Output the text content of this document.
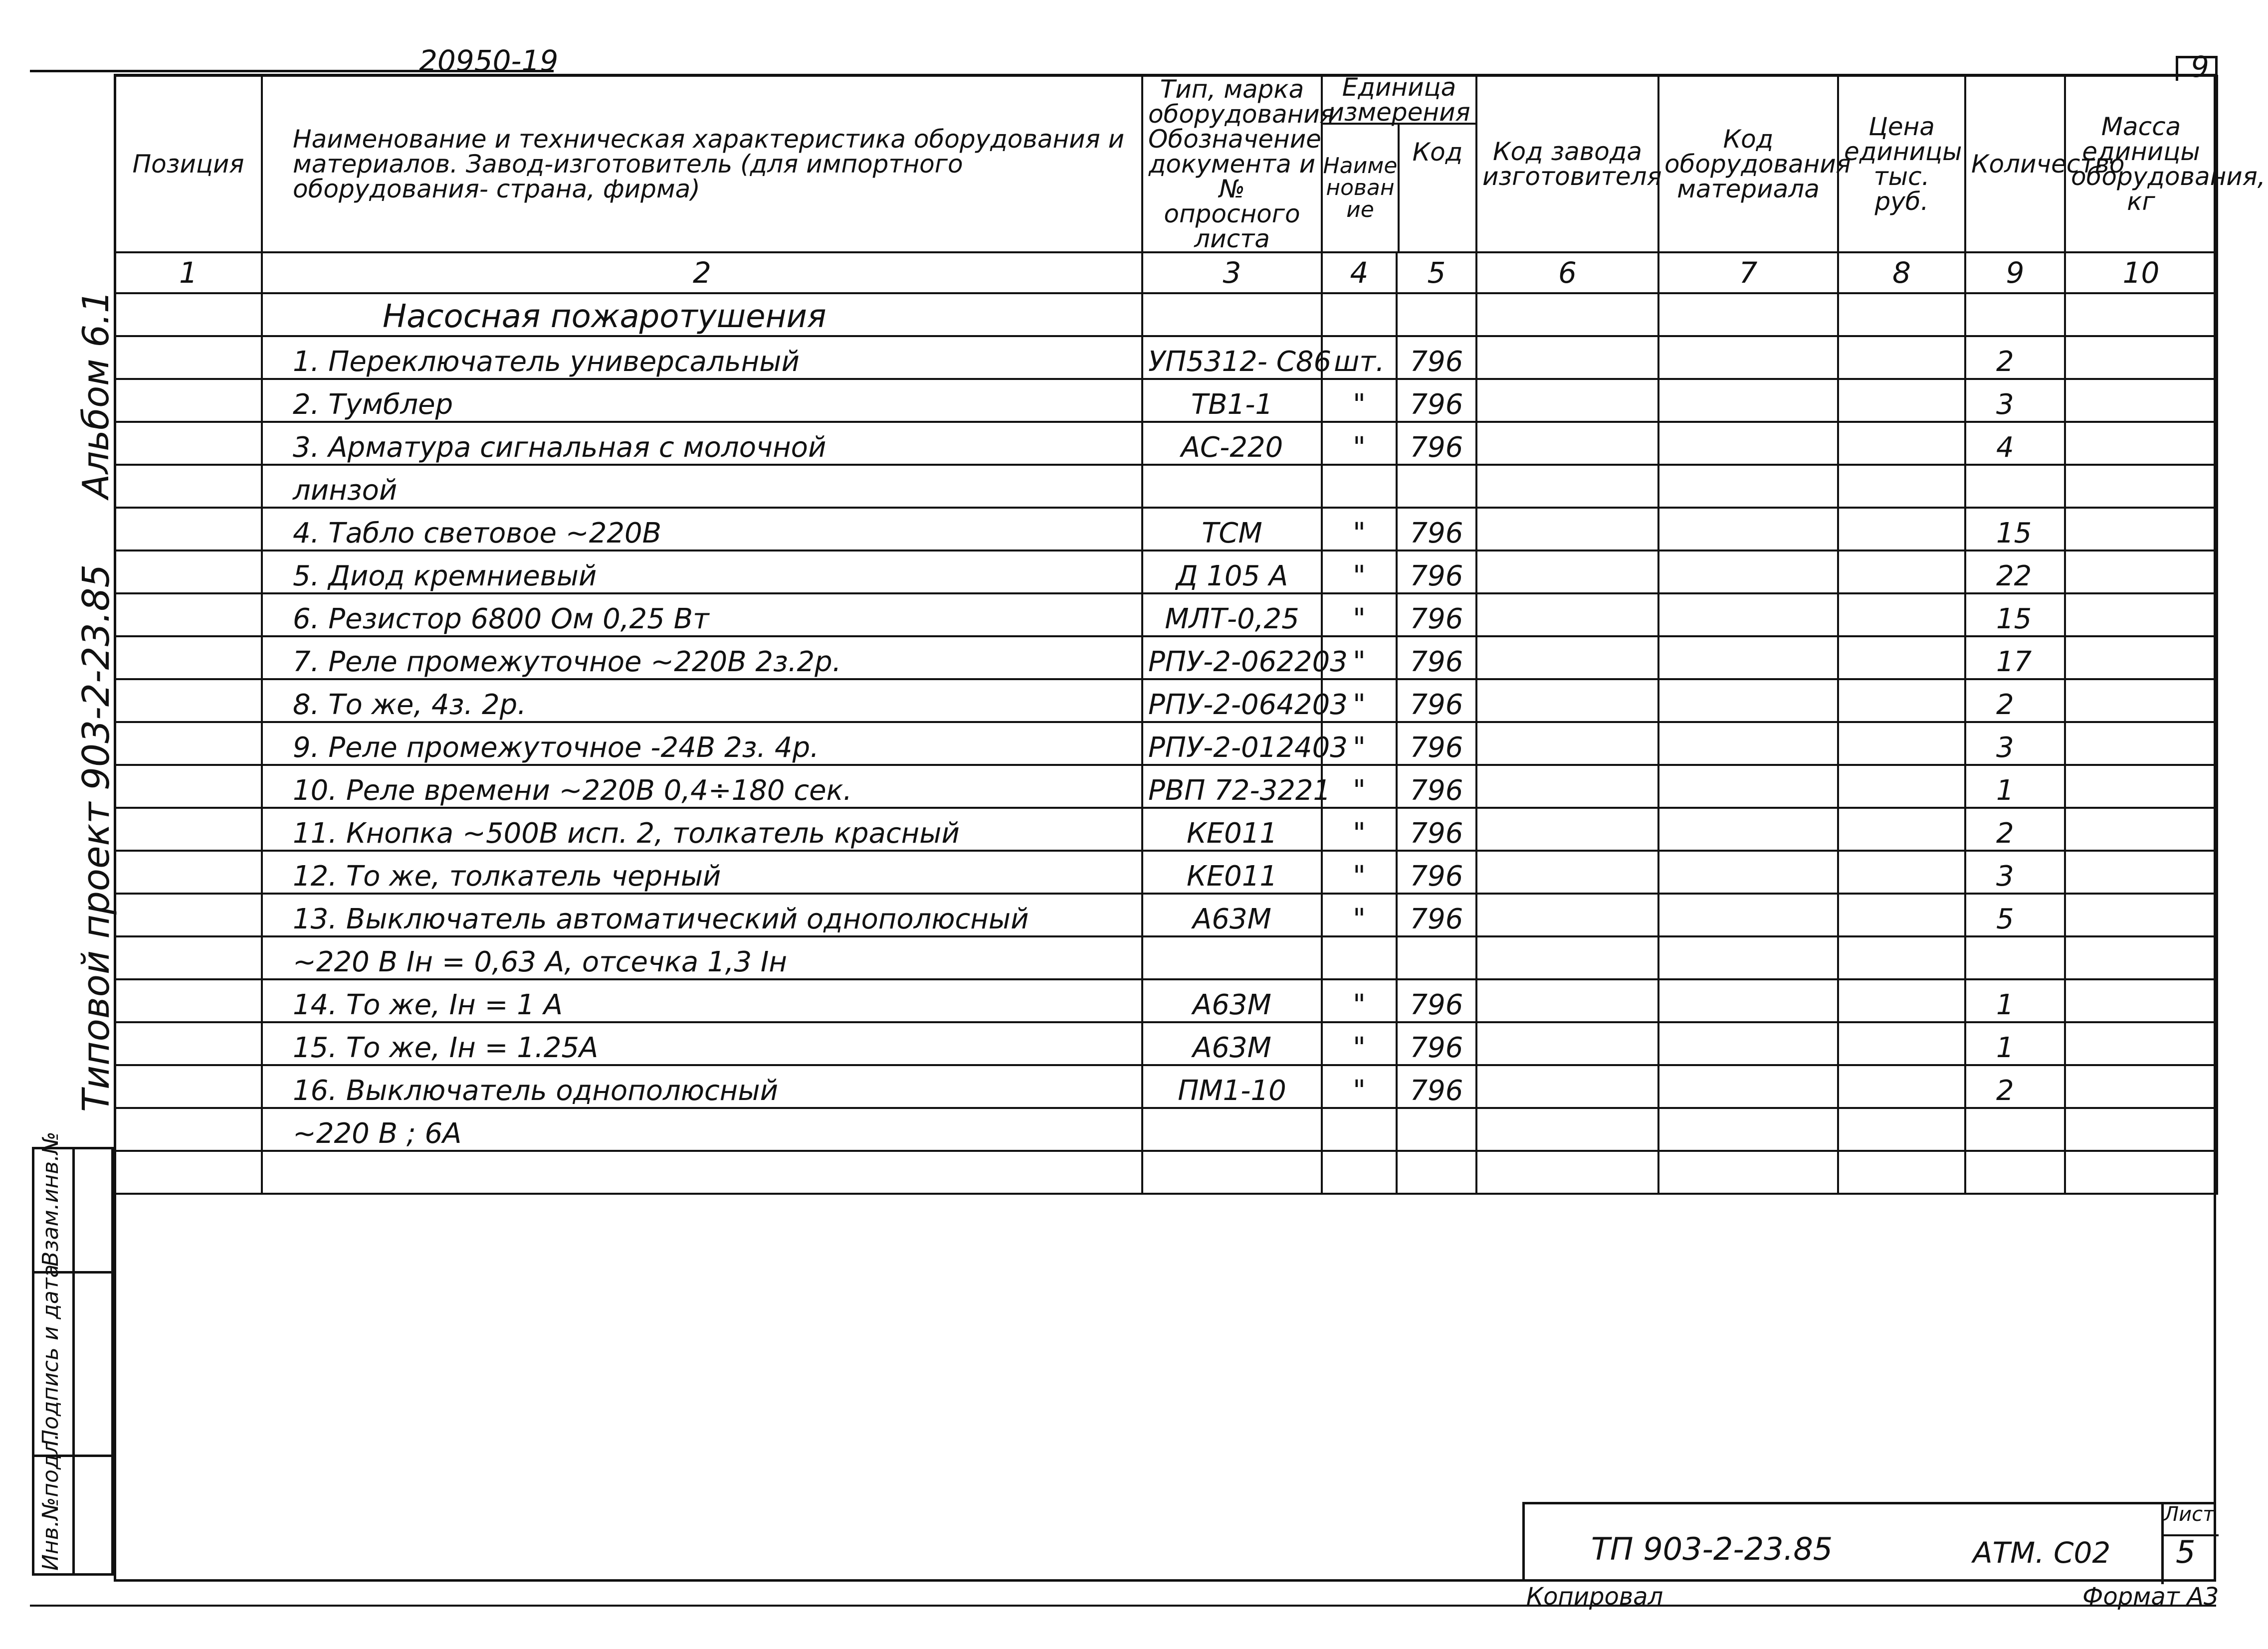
20950-19	9
Альбом 6.1
Типовой проект 903-2-23.85
Взам.инв.№
Подпись и дата
Инв.№подл.
Позиция	Наименование и техническая характеристика оборудования и материалов. Завод-изготовитель (для импортного оборудования- страна, фирма)	Тип, марка оборудования Обозначение документа и № опросного листа	Единица измерения
Наименование
Код		Код завода изготовителя	Код оборудования материала	Цена единицы тыс. руб.	Количество	Масса единицы оборудования, кг
1	2	3	4	5	6	7	8	9	10
	Насосная пожаротушения								
	1. Переключатель универсальный	УП5312- С86	шт.	796				2	
	2. Тумблер	ТВ1-1	"	796				3	
	3. Арматура сигнальная с молочной	АС-220	"	796				4	
	линзой								
	4. Табло световое ~220В	ТСМ	"	796				15	
	5. Диод кремниевый	Д 105 А	"	796				22	
	6. Резистор 6800 Ом 0,25 Вт	МЛТ-0,25	"	796				15	
	7. Реле промежуточное ~220В 2з.2р.	РПУ-2-062203	"	796				17	
	8. То же, 4з. 2р.	РПУ-2-064203	"	796				2	
	9. Реле промежуточное -24В 2з. 4р.	РПУ-2-012403	"	796				3	
	10. Реле времени ~220В 0,4÷180 сек.	РВП 72-3221	"	796				1	
	11. Кнопка ~500В исп. 2, толкатель красный	КЕ011	"	796				2	
	12. То же, толкатель черный	КЕ011	"	796				3	
	13. Выключатель автоматический однополюсный	А63М	"	796				5	
	~220 В Iн = 0,63 А, отсечка 1,3 Iн								
	14. То же, Iн = 1 А	А63М	"	796				1	
	15. То же, Iн = 1.25А	А63М	"	796				1	
	16. Выключатель однополюсный	ПМ1-10	"	796				2	
	~220 В ; 6А								

ТП 903-2-23.85	АТМ. С02
Лист
5
Копировал	Формат А3
